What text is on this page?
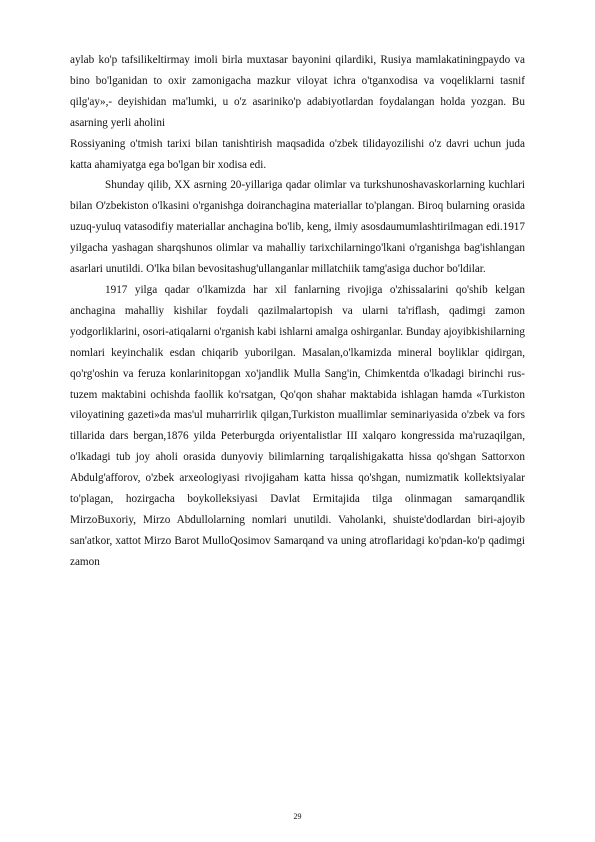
aylab ko'p tafsilikeltirmay imoli birla muxtasar bayonini qilardiki, Rusiya mamlakatiningpaydo va bino bo'lganidan to oxir zamonigacha mazkur viloyat ichra o'tganxodisa va voqeliklarni tasnif qilg'ay»,- deyishidan ma'lumki, u o'z asariniko'p adabiyotlardan foydalangan holda yozgan. Bu asarning yerli aholini

Rossiyaning o'tmish tarixi bilan tanishtirish maqsadida o'zbek tilidayozilishi o'z davri uchun juda katta ahamiyatga ega bo'lgan bir xodisa edi.

Shunday qilib, XX asrning 20-yillariga qadar olimlar va turkshunoshavaskorlarning kuchlari bilan O'zbekiston o'lkasini o'rganishga doiranchagina materiallar to'plangan. Biroq bularning orasida uzuq-yuluq vatasodifiy materiallar anchagina bo'lib, keng, ilmiy asosdaumumlashtirilmagan edi.1917 yilgacha yashagan sharqshunos olimlar va mahalliy tarixchilarningo'lkani o'rganishga bag'ishlangan asarlari unutildi. O'lka bilan bevositashug'ullanganlar millatchiik tamg'asiga duchor bo'ldilar.

1917 yilga qadar o'lkamizda har xil fanlarning rivojiga o'zhissalarini qo'shib kelgan anchagina mahalliy kishilar foydali qazilmalartopish va ularni ta'riflash, qadimgi zamon yodgorliklarini, osori-atiqalarni o'rganish kabi ishlarni amalga oshirganlar. Bunday ajoyibkishilarning nomlari keyinchalik esdan chiqarib yuborilgan. Masalan,o'lkamizda mineral boyliklar qidirgan, qo'rg'oshin va feruza konlarinitopgan xo'jandlik Mulla Sang'in, Chimkentda o'lkadagi birinchi rus-tuzem maktabini ochishda faollik ko'rsatgan, Qo'qon shahar maktabida ishlagan hamda «Turkiston viloyatining gazeti»da mas'ul muharrirlik qilgan,Turkiston muallimlar seminariyasida o'zbek va fors tillarida dars bergan,1876 yilda Peterburgda oriyentalistlar III xalqaro kongressida ma'ruzaqilgan, o'lkadagi tub joy aholi orasida dunyoviy bilimlarning tarqalishigakatta hissa qo'shgan Sattorxon Abdulg'afforov, o'zbek arxeologiyasi rivojigaham katta hissa qo'shgan, numizmatik kollektsiyalar to'plagan, hozirgacha boykolleksiyasi Davlat Ermitajida tilga olinmagan samarqandlik MirzoBuxoriy, Mirzo Abdullolarning nomlari unutildi. Vaholanki, shuiste'dodlardan biri-ajoyib san'atkor, xattot Mirzo Barot MulloQosimov Samarqand va uning atroflaridagi ko'pdan-ko'p qadimgi zamon

29
